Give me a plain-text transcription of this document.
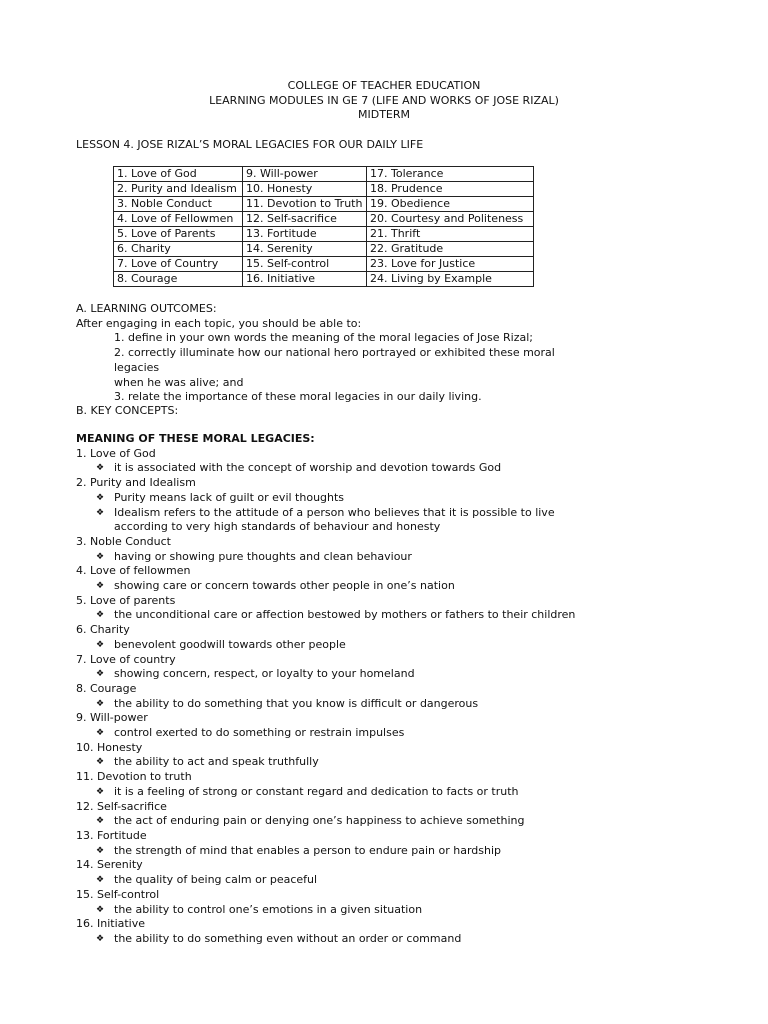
COLLEGE OF TEACHER EDUCATION
LEARNING MODULES IN GE 7 (LIFE AND WORKS OF JOSE RIZAL)
MIDTERM
LESSON 4. JOSE RIZAL’S MORAL LEGACIES FOR OUR DAILY LIFE
1. Love of God	9. Will-power	17. Tolerance
2. Purity and Idealism	10. Honesty	18. Prudence
3. Noble Conduct	11. Devotion to Truth	19. Obedience
4. Love of Fellowmen	12. Self-sacrifice	20. Courtesy and Politeness
5. Love of Parents	13. Fortitude	21. Thrift
6. Charity	14. Serenity	22. Gratitude
7. Love of Country	15. Self-control	23. Love for Justice
8. Courage	16. Initiative	24. Living by Example
A. LEARNING OUTCOMES:
After engaging in each topic, you should be able to:
1. define in your own words the meaning of the moral legacies of Jose Rizal;
2. correctly illuminate how our national hero portrayed or exhibited these moral legacies
when he was alive; and
3. relate the importance of these moral legacies in our daily living.
B. KEY CONCEPTS:
MEANING OF THESE MORAL LEGACIES:
1. Love of God
❖ it is associated with the concept of worship and devotion towards God
2. Purity and Idealism
❖ Purity means lack of guilt or evil thoughts
❖ Idealism refers to the attitude of a person who believes that it is possible to live
according to very high standards of behaviour and honesty
3. Noble Conduct
❖ having or showing pure thoughts and clean behaviour
4. Love of fellowmen
❖ showing care or concern towards other people in one’s nation
5. Love of parents
❖ the unconditional care or affection bestowed by mothers or fathers to their children
6. Charity
❖ benevolent goodwill towards other people
7. Love of country
❖ showing concern, respect, or loyalty to your homeland
8. Courage
❖ the ability to do something that you know is difficult or dangerous
9. Will-power
❖ control exerted to do something or restrain impulses
10. Honesty
❖ the ability to act and speak truthfully
11. Devotion to truth
❖ it is a feeling of strong or constant regard and dedication to facts or truth
12. Self-sacrifice
❖ the act of enduring pain or denying one’s happiness to achieve something
13. Fortitude
❖ the strength of mind that enables a person to endure pain or hardship
14. Serenity
❖ the quality of being calm or peaceful
15. Self-control
❖ the ability to control one’s emotions in a given situation
16. Initiative
❖ the ability to do something even without an order or command
